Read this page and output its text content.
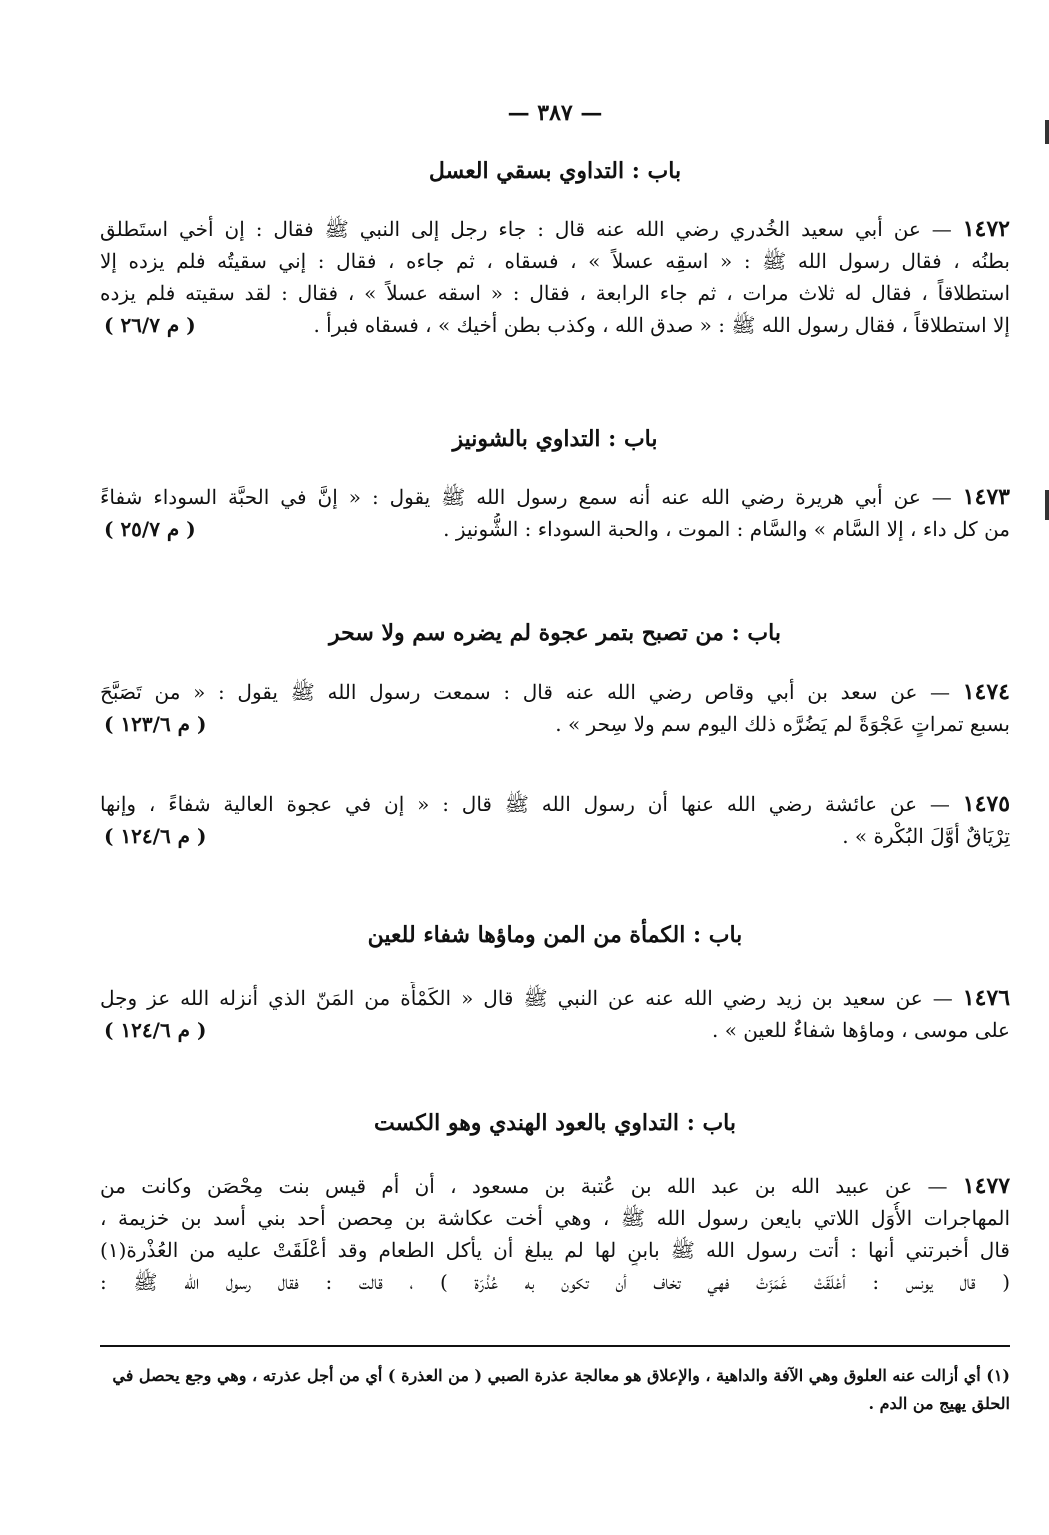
— ٣٨٧ —
باب : التداوي بسقي العسل
١٤٧٢ — عن أبي سعيد الخُدري رضي الله عنه قال : جاء رجل إلى النبي ﷺ فقال : إن أخي استَطلق
بطنُه ، فقال رسول الله ﷺ : « اسقِه عسلاً » ، فسقاه ، ثم جاءه ، فقال : إني سقيتُه فلم يزده إلا
استطلاقاً ، فقال له ثلاث مرات ، ثم جاء الرابعة ، فقال : « اسقه عسلاً » ، فقال : لقد سقيته فلم يزده
( م ٢٦/٧ )	إلا استطلاقاً ، فقال رسول الله ﷺ : « صدق الله ، وكذب بطن أخيك » ، فسقاه فبرأ .
باب : التداوي بالشونيز
١٤٧٣ — عن أبي هريرة رضي الله عنه أنه سمع رسول الله ﷺ يقول : « إنَّ في الحبَّة السوداء شفاءً
( م ٢٥/٧ )	من كل داء ، إلا السَّام » والسَّام : الموت ، والحبة السوداء : الشُّونيز .
باب : من تصبح بتمر عجوة لم يضره سم ولا سحر
١٤٧٤ — عن سعد بن أبي وقاص رضي الله عنه قال : سمعت رسول الله ﷺ يقول : « من تَصَبَّحَ
( م ١٢٣/٦ )	بسبع تمراتٍ عَجْوَةً لم يَضُرَّه ذلك اليوم سم ولا سِحر » .
١٤٧٥ — عن عائشة رضي الله عنها أن رسول الله ﷺ قال : « إن في عجوة العالية شفاءً ، وإنها
( م ١٢٤/٦ )	تِرْيَاقٌ أوَّلَ البُكْرة » .
باب : الكمأة من المن وماؤها شفاء للعين
١٤٧٦ — عن سعيد بن زيد رضي الله عنه عن النبي ﷺ قال « الكَمْأَة من المَنّ الذي أنزله الله عز وجل
( م ١٢٤/٦ )	على موسى ، وماؤها شفاءٌ للعين » .
باب : التداوي بالعود الهندي وهو الكست
١٤٧٧ — عن عبيد الله بن عبد الله بن عُتبة بن مسعود ، أن أم قيس بنت مِحْصَن وكانت من
المهاجرات الأُوَل اللاتي بايعن رسول الله ﷺ ، وهي أخت عكاشة بن مِحصن أحد بني أسد بن خزيمة ،
قال أخبرتني أنها : أتت رسول الله ﷺ بابنٍ لها لم يبلغ أن يأكل الطعام وقد أعْلَقَتْ عليه من العُذْرة(١)
( قال يونس : أعْلَقَتْ غَمَزَتْ فهي تخاف أن تكون به عُذْرَة ) ، قالت : فقال رسول الله ﷺ :
(١) أي أزالت عنه العلوق وهي الآفة والداهية ، والإعلاق هو معالجة عذرة الصبي ( من العذرة ) أي من أجل عذرته ، وهي وجع يحصل في
الحلق يهيج من الدم .
